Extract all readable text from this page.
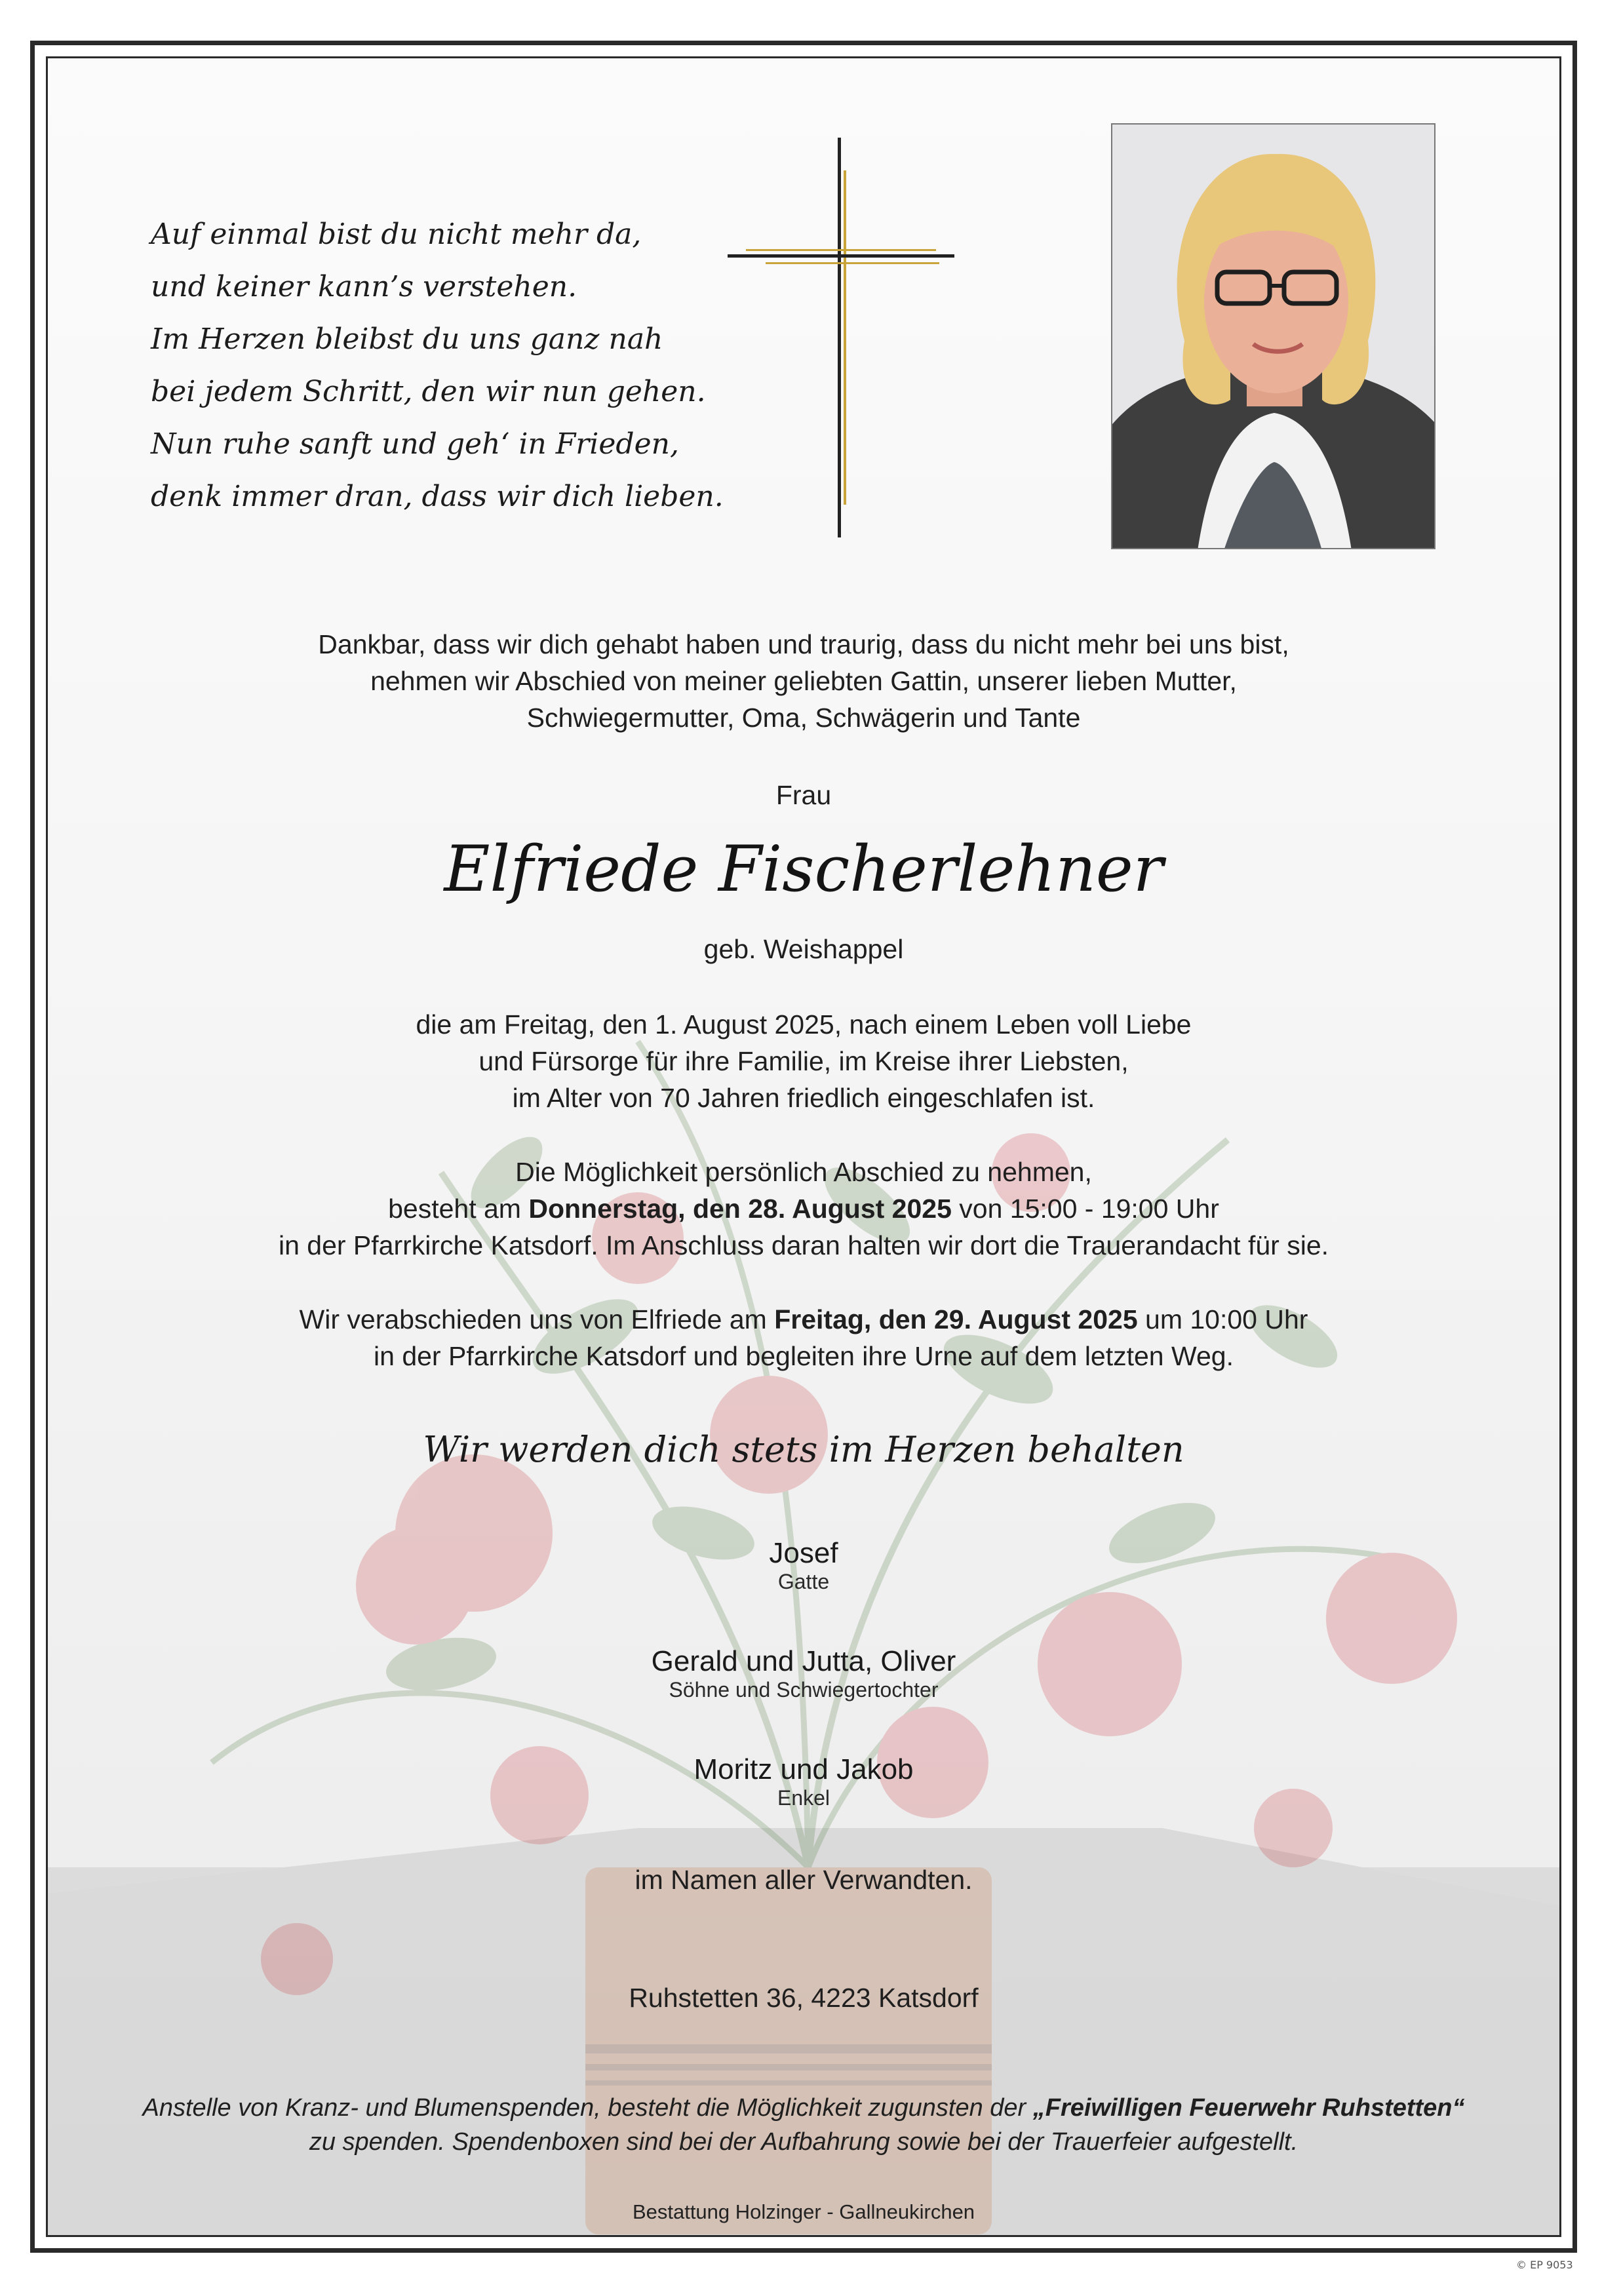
Auf einmal bist du nicht mehr da,
und keiner kann’s verstehen.
Im Herzen bleibst du uns ganz nah
bei jedem Schritt, den wir nun gehen.
Nun ruhe sanft und geh‘ in Frieden,
denk immer dran, dass wir dich lieben.
Dankbar, dass wir dich gehabt haben und traurig, dass du nicht mehr bei uns bist,
nehmen wir Abschied von meiner geliebten Gattin, unserer lieben Mutter,
Schwiegermutter, Oma, Schwägerin und Tante
Frau
Elfriede Fischerlehner
geb. Weishappel
die am Freitag, den 1. August 2025, nach einem Leben voll Liebe
und Fürsorge für ihre Familie, im Kreise ihrer Liebsten,
im Alter von 70 Jahren friedlich eingeschlafen ist.
Die Möglichkeit persönlich Abschied zu nehmen,
besteht am Donnerstag, den 28. August 2025 von 15:00 - 19:00 Uhr
in der Pfarrkirche Katsdorf. Im Anschluss daran halten wir dort die Trauerandacht für sie.
Wir verabschieden uns von Elfriede am Freitag, den 29. August 2025 um 10:00 Uhr
in der Pfarrkirche Katsdorf und begleiten ihre Urne auf dem letzten Weg.
Wir werden dich stets im Herzen behalten
Josef
Gatte
Gerald und Jutta, Oliver
Söhne und Schwiegertochter
Moritz und Jakob
Enkel
im Namen aller Verwandten.
Ruhstetten 36, 4223 Katsdorf
Anstelle von Kranz- und Blumenspenden, besteht die Möglichkeit zugunsten der „Freiwilligen Feuerwehr Ruhstetten“
zu spenden. Spendenboxen sind bei der Aufbahrung sowie bei der Trauerfeier aufgestellt.
Bestattung Holzinger - Gallneukirchen
© EP 9053
